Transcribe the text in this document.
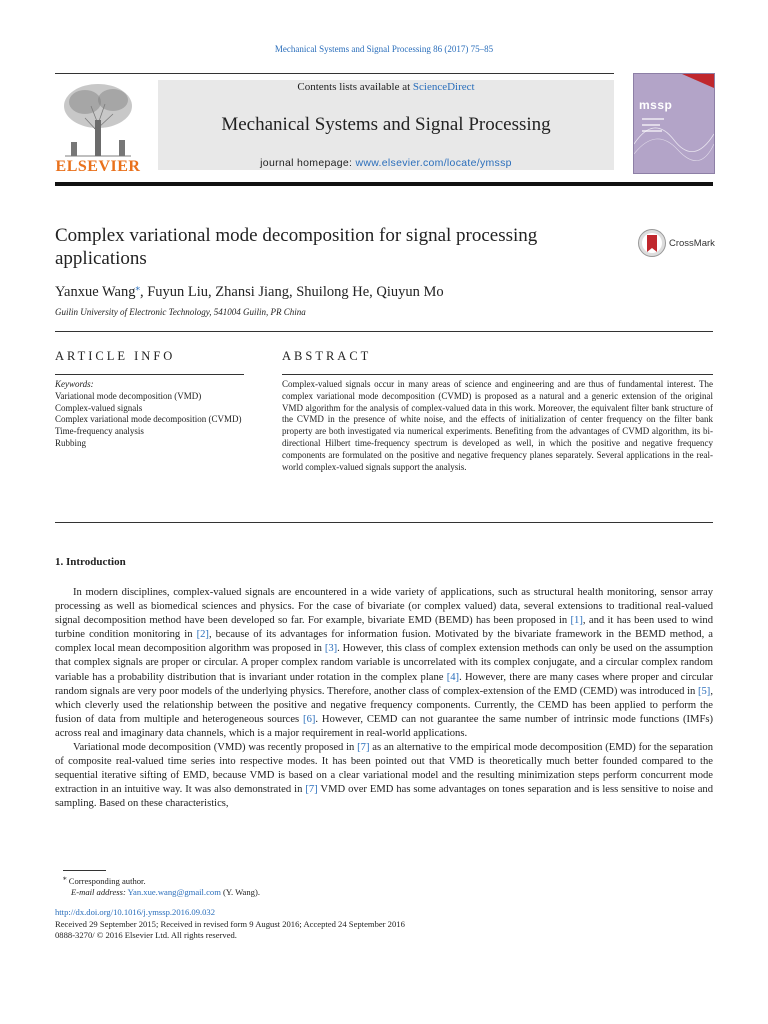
Mechanical Systems and Signal Processing 86 (2017) 75–85
ELSEVIER
Contents lists available at ScienceDirect
Mechanical Systems and Signal Processing
journal homepage: www.elsevier.com/locate/ymssp
mssp
Complex variational mode decomposition for signal processing applications
CrossMark
Yanxue Wang⁎, Fuyun Liu, Zhansi Jiang, Shuilong He, Qiuyun Mo
Guilin University of Electronic Technology, 541004 Guilin, PR China
ARTICLE INFO	ABSTRACT
Keywords:
Variational mode decomposition (VMD)
Complex-valued signals
Complex variational mode decomposition (CVMD)
Time-frequency analysis
Rubbing
Complex-valued signals occur in many areas of science and engineering and are thus of fundamental interest. The complex variational mode decomposition (CVMD) is proposed as a natural and a generic extension of the original VMD algorithm for the analysis of complex-valued data in this work. Moreover, the equivalent filter bank structure of the CVMD in the presence of white noise, and the effects of initialization of center frequency on the filter bank property are both investigated via numerical experiments. Benefiting from the advantages of CVMD algorithm, its bi-directional Hilbert time-frequency spectrum is developed as well, in which the positive and negative frequency components are formulated on the positive and negative frequency planes separately. Several applications in the real-world complex-valued signals support the analysis.
1. Introduction

In modern disciplines, complex-valued signals are encountered in a wide variety of applications, such as structural health monitoring, sensor array processing as well as biomedical sciences and physics. For the case of bivariate (or complex valued) data, several extensions to traditional real-valued signal decomposition method have been developed so far. For example, bivariate EMD (BEMD) has been proposed in [1], and it has been used to wind turbine condition monitoring in [2], because of its advantages for information fusion. Motivated by the bivariate framework in the BEMD method, a complex local mean decomposition algorithm was proposed in [3]. However, this class of complex extension methods can only be used on the assumption that complex signals are proper or circular. A proper complex random variable is uncorrelated with its complex conjugate, and a circular complex random variable has a probability distribution that is invariant under rotation in the complex plane [4]. However, there are many cases where proper and circular random signals are very poor models of the underlying physics. Therefore, another class of complex-extension of the EMD (CEMD) was introduced in [5], which cleverly used the relationship between the positive and negative frequency components. Currently, the CEMD has been applied to perform the fusion of data from multiple and heterogeneous sources [6]. However, CEMD can not guarantee the same number of intrinsic mode functions (IMFs) across real and imaginary data channels, which is a major requirement in real-world applications.

Variational mode decomposition (VMD) was recently proposed in [7] as an alternative to the empirical mode decomposition (EMD) for the separation of composite real-valued time series into respective modes. It has been pointed out that VMD is theoretically much better founded compared to the sequential iterative sifting of EMD, because VMD is based on a clear variational model and the resulting minimization steps perform concurrent mode extraction in an intuitive way. It was also demonstrated in [7] VMD over EMD has some advantages on tones separation and is less sensitive to noise and sampling. Based on these characteristics,

⁎ Corresponding author.
E-mail address: Yan.xue.wang@gmail.com (Y. Wang).
http://dx.doi.org/10.1016/j.ymssp.2016.09.032
Received 29 September 2015; Received in revised form 9 August 2016; Accepted 24 September 2016
0888-3270/ © 2016 Elsevier Ltd. All rights reserved.
